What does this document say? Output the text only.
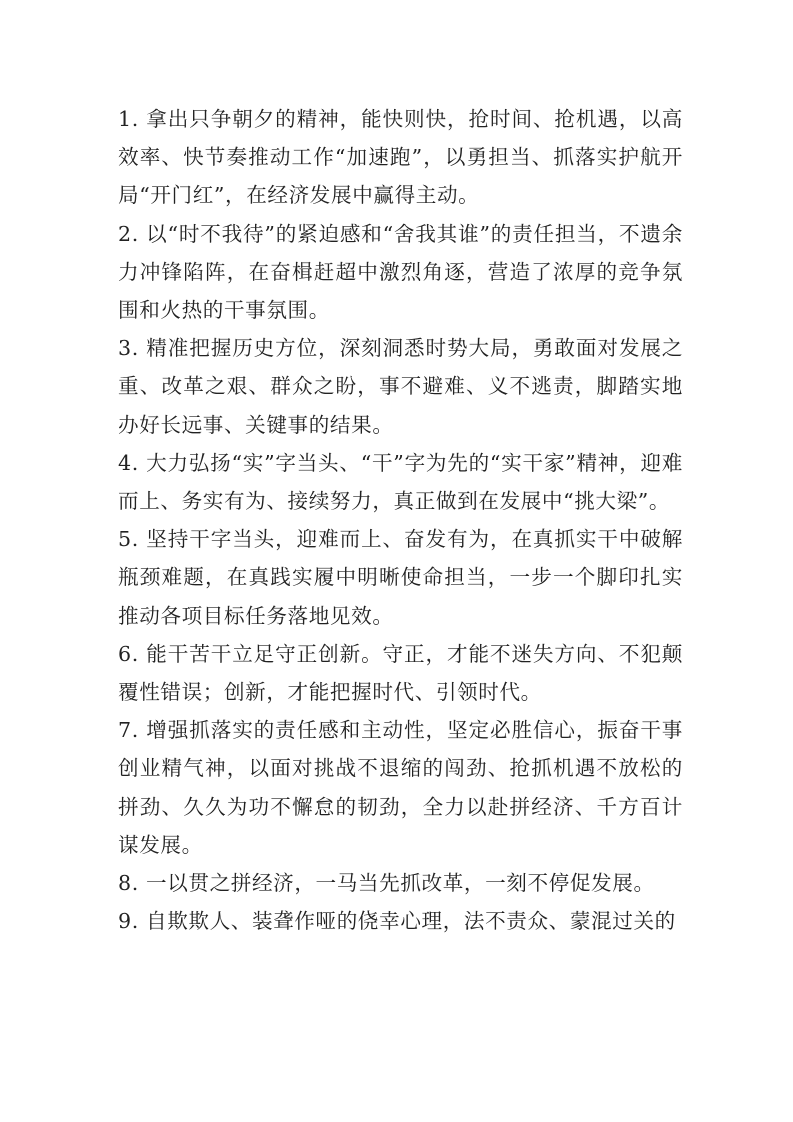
1. 拿出只争朝夕的精神，能快则快，抢时间、抢机遇，以高效率、快节奏推动工作“加速跑”，以勇担当、抓落实护航开局“开门红”，在经济发展中赢得主动。

2. 以“时不我待”的紧迫感和“舍我其谁”的责任担当，不遗余力冲锋陷阵，在奋楫赶超中激烈角逐，营造了浓厚的竞争氛围和火热的干事氛围。

3. 精准把握历史方位，深刻洞悉时势大局，勇敢面对发展之重、改革之艰、群众之盼，事不避难、义不逃责，脚踏实地办好长远事、关键事的结果。

4. 大力弘扬“实”字当头、“干”字为先的“实干家”精神，迎难而上、务实有为、接续努力，真正做到在发展中“挑大梁”。

5. 坚持干字当头，迎难而上、奋发有为，在真抓实干中破解瓶颈难题，在真践实履中明晰使命担当，一步一个脚印扎实推动各项目标任务落地见效。

6. 能干苦干立足守正创新。守正，才能不迷失方向、不犯颠覆性错误；创新，才能把握时代、引领时代。

7. 增强抓落实的责任感和主动性，坚定必胜信心，振奋干事创业精气神，以面对挑战不退缩的闯劲、抢抓机遇不放松的拼劲、久久为功不懈怠的韧劲，全力以赴拼经济、千方百计谋发展。

8. 一以贯之拼经济，一马当先抓改革，一刻不停促发展。

9. 自欺欺人、装聋作哑的侥幸心理，法不责众、蒙混过关的
